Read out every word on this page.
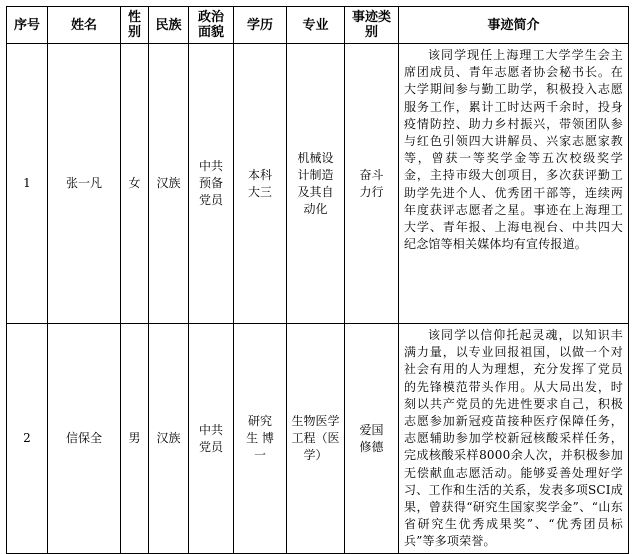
序号	姓名	性别	民族	政治面貌	学历	专业	事迹类别	事迹简介
1	张一凡	女	汉族	中共预备党员	本科大三	机械设计制造及其自动化	奋斗力行	该同学现任上海理工大学学生会主席团成员、青年志愿者协会秘书长。在大学期间参与勤工助学，积极投入志愿服务工作，累计工时达两千余时，投身疫情防控、助力乡村振兴，带领团队参与红色引领四大讲解员、兴家志愿家教等，曾获一等奖学金等五次校级奖学金，主持市级大创项目，多次获评勤工助学先进个人、优秀团干部等，连续两年度获评志愿者之星。事迹在上海理工大学、青年报、上海电视台、中共四大纪念馆等相关媒体均有宣传报道。
2	信保全	男	汉族	中共党员	研究生 博一	生物医学工程（医学）	爱国修德	该同学以信仰托起灵魂，以知识丰满力量，以专业回报祖国，以做一个对社会有用的人为理想，充分发挥了党员的先锋模范带头作用。从大局出发，时刻以共产党员的先进性要求自己，积极志愿参加新冠疫苗接种医疗保障任务，志愿辅助参加学校新冠核酸采样任务，完成核酸采样8000余人次，并积极参加无偿献血志愿活动。能够妥善处理好学习、工作和生活的关系，发表多项SCI成果，曾获得“研究生国家奖学金”、“山东省研究生优秀成果奖”、“优秀团员标兵”等多项荣誉。
